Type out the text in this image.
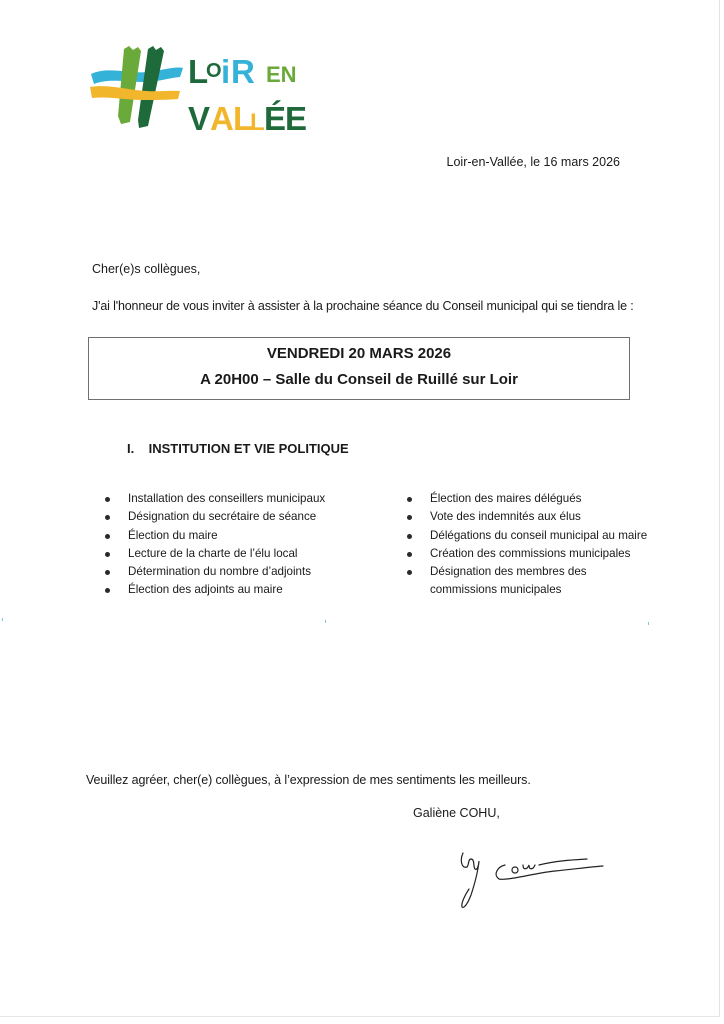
L
O i R EN
V A L
L É
E
Loir-en-Vallée, le 16 mars 2026
Cher(e)s collègues,
J'ai l'honneur de vous inviter à assister à la prochaine séance du Conseil municipal qui se tiendra le :
VENDREDI 20 MARS 2026
A 20H00 – Salle du Conseil de Ruillé sur Loir
I. INSTITUTION ET VIE POLITIQUE
Installation des conseillers municipaux
Désignation du secrétaire de séance
Élection du maire
Lecture de la charte de l’élu local
Détermination du nombre d’adjoints
Élection des adjoints au maire
Élection des maires délégués
Vote des indemnités aux élus
Délégations du conseil municipal au maire
Création des commissions municipales
Désignation des membres des commissions municipales
Veuillez agréer, cher(e) collègues, à l’expression de mes sentiments les meilleurs.
Galiène COHU,
